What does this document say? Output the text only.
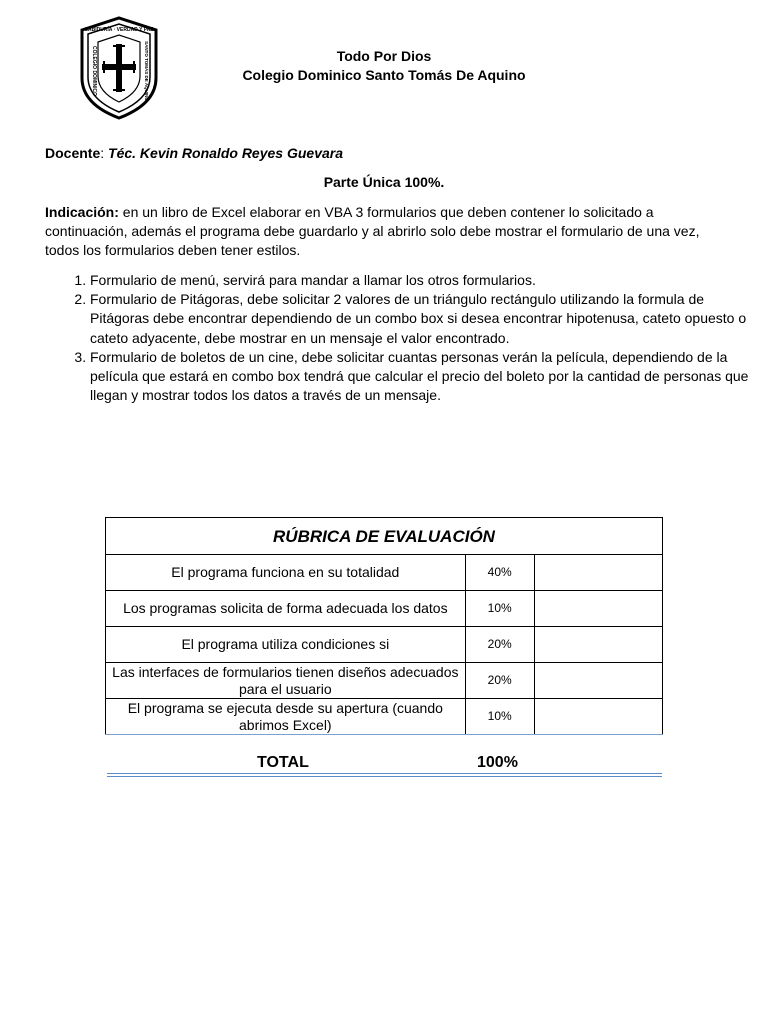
SABIDURÍA · VERDAD Y PAZ
COLEGIO DOMINICO	SANTO TOMÁS DE AQUINO	Todo Por Dios
Colegio Dominico Santo Tomás De Aquino
Docente: Téc. Kevin Ronaldo Reyes Guevara
Parte Única 100%.
Indicación: en un libro de Excel elaborar en VBA 3 formularios que deben contener lo solicitado a continuación, además el programa debe guardarlo y al abrirlo solo debe mostrar el formulario de una vez, todos los formularios deben tener estilos.
1. Formulario de menú, servirá para mandar a llamar los otros formularios.
2. Formulario de Pitágoras, debe solicitar 2 valores de un triángulo rectángulo utilizando la formula de Pitágoras debe encontrar dependiendo de un combo box si desea encontrar hipotenusa, cateto opuesto o cateto adyacente, debe mostrar en un mensaje el valor encontrado.
3. Formulario de boletos de un cine, debe solicitar cuantas personas verán la película, dependiendo de la película que estará en combo box tendrá que calcular el precio del boleto por la cantidad de personas que llegan y mostrar todos los datos a través de un mensaje.
RÚBRICA DE EVALUACIÓN		
El programa funciona en su totalidad	40%	
Los programas solicita de forma adecuada los datos	10%	
El programa utiliza condiciones si	20%	
Las interfaces de formularios tienen diseños adecuados para el usuario	20%	
El programa se ejecuta desde su apertura (cuando abrimos Excel)	10%	
TOTAL	100%
